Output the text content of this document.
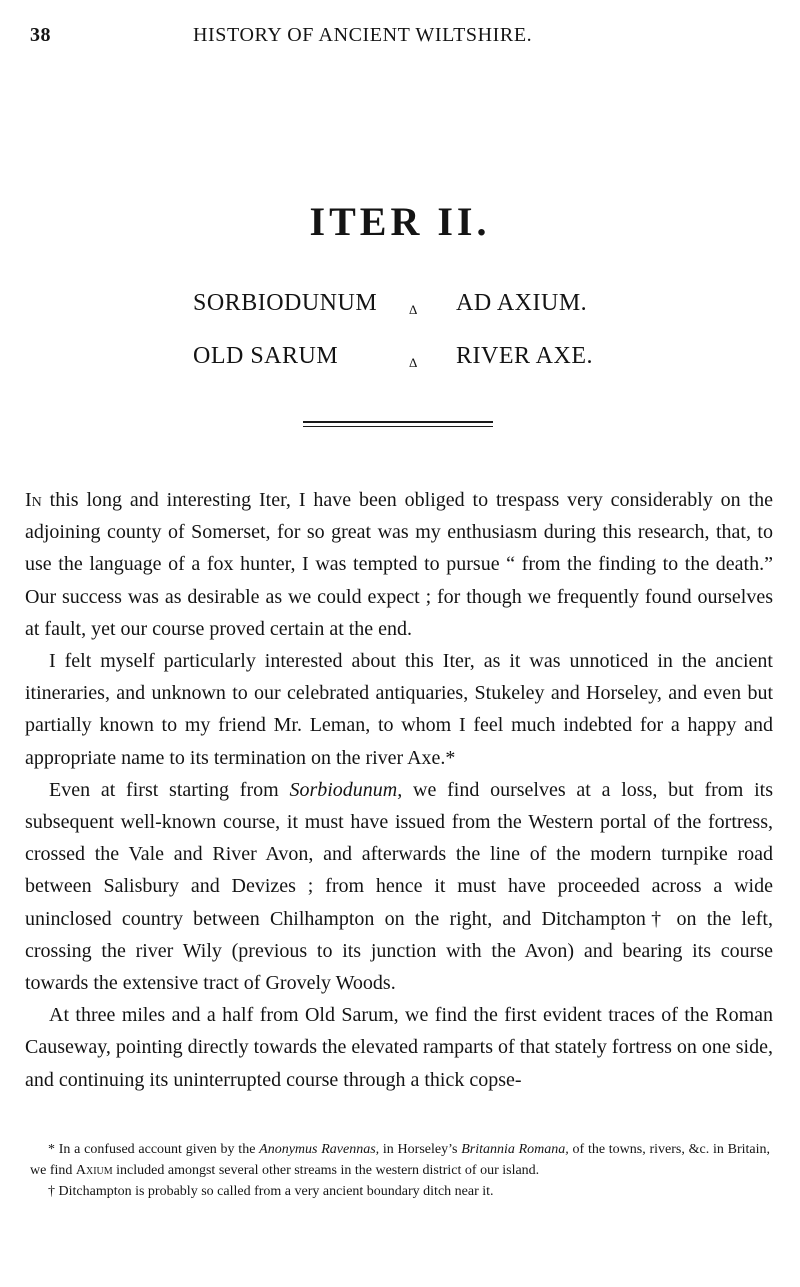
38	HISTORY OF ANCIENT WILTSHIRE.
ITER II.
SORBIODUNUM Δ AD AXIUM.
OLD SARUM	Δ RIVER AXE.

In this long and interesting Iter, I have been obliged to trespass very considerably on the adjoining county of Somerset, for so great was my enthusiasm during this research, that, to use the language of a fox hunter, I was tempted to pursue “ from the finding to the death.” Our success was as desirable as we could expect ; for though we frequently found ourselves at fault, yet our course proved certain at the end.

I felt myself particularly interested about this Iter, as it was unnoticed in the ancient itineraries, and unknown to our celebrated antiquaries, Stukeley and Horseley, and even but partially known to my friend Mr. Leman, to whom I feel much indebted for a happy and appropriate name to its termination on the river Axe.*

Even at first starting from Sorbiodunum, we find ourselves at a loss, but from its subsequent well-known course, it must have issued from the Western portal of the fortress, crossed the Vale and River Avon, and afterwards the line of the modern turnpike road between Salisbury and Devizes ; from hence it must have proceeded across a wide uninclosed country between Chilhampton on the right, and Ditchampton† on the left, crossing the river Wily (previous to its junction with the Avon) and bearing its course towards the extensive tract of Grovely Woods.

At three miles and a half from Old Sarum, we find the first evident traces of the Roman Causeway, pointing directly towards the elevated ramparts of that stately fortress on one side, and continuing its uninterrupted course through a thick copse-

* In a confused account given by the Anonymus Ravennas, in Horseley’s Britannia Romana, of the towns, rivers, &c. in Britain, we find Axium included amongst several other streams in the western district of our island.

† Ditchampton is probably so called from a very ancient boundary ditch near it.
